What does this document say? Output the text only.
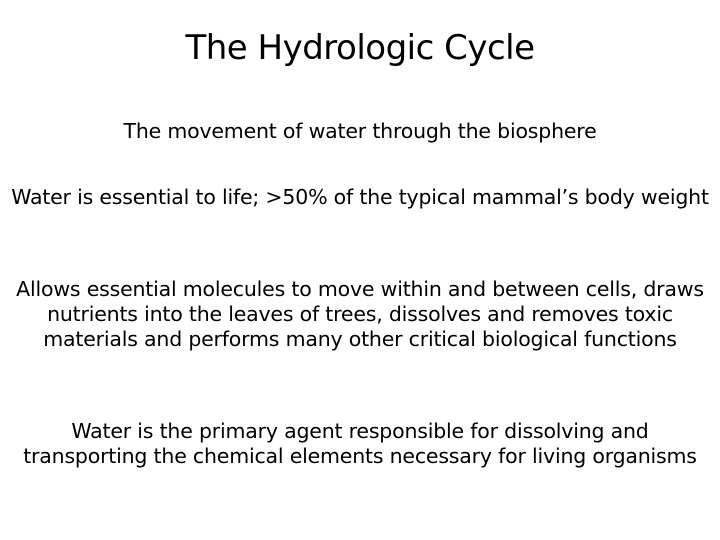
The Hydrologic Cycle

The movement of water through the biosphere

Water is essential to life; >50% of the typical mammal’s body weight

Allows essential molecules to move within and between cells, draws nutrients into the leaves of trees, dissolves and removes toxic materials and performs many other critical biological functions

Water is the primary agent responsible for dissolving and transporting the chemical elements necessary for living organisms
